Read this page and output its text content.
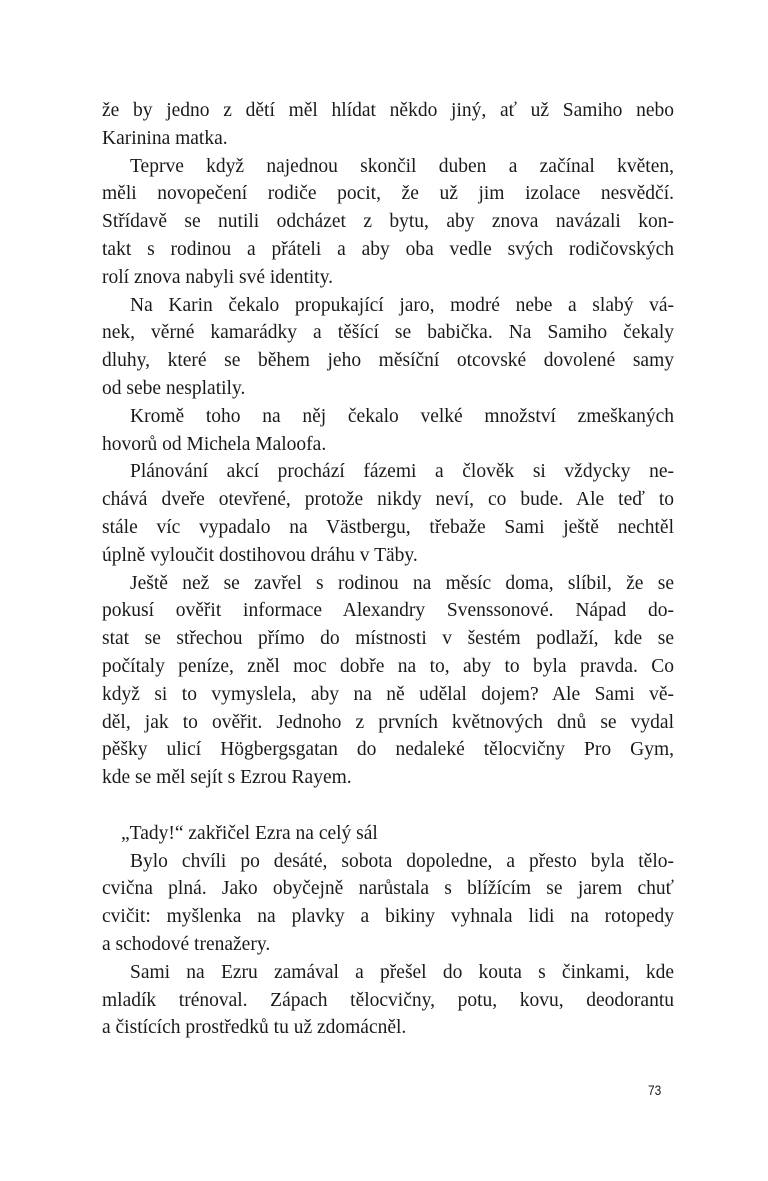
že by jedno z dětí měl hlídat někdo jiný, ať už Samiho nebo
Karinina matka.
Teprve když najednou skončil duben a začínal květen,
měli novopečení rodiče pocit, že už jim izolace nesvědčí.
Střídavě se nutili odcházet z bytu, aby znova navázali kon-
takt s rodinou a přáteli a aby oba vedle svých rodičovských
rolí znova nabyli své identity.
Na Karin čekalo propukající jaro, modré nebe a slabý vá-
nek, věrné kamarádky a těšící se babička. Na Samiho čekaly
dluhy, které se během jeho měsíční otcovské dovolené samy
od sebe nesplatily.
Kromě toho na něj čekalo velké množství zmeškaných
hovorů od Michela Maloofa.
Plánování akcí prochází fázemi a člověk si vždycky ne-
chává dveře otevřené, protože nikdy neví, co bude. Ale teď to
stále víc vypadalo na Västbergu, třebaže Sami ještě nechtěl
úplně vyloučit dostihovou dráhu v Täby.
Ještě než se zavřel s rodinou na měsíc doma, slíbil, že se
pokusí ověřit informace Alexandry Svenssonové. Nápad do-
stat se střechou přímo do místnosti v šestém podlaží, kde se
počítaly peníze, zněl moc dobře na to, aby to byla pravda. Co
když si to vymyslela, aby na ně udělal dojem? Ale Sami vě-
děl, jak to ověřit. Jednoho z prvních květnových dnů se vydal
pěšky ulicí Högbergsgatan do nedaleké tělocvičny Pro Gym,
kde se měl sejít s Ezrou Rayem.
„Tady!“ zakřičel Ezra na celý sál
Bylo chvíli po desáté, sobota dopoledne, a přesto byla tělo-
cvična plná. Jako obyčejně narůstala s blížícím se jarem chuť
cvičit: myšlenka na plavky a bikiny vyhnala lidi na rotopedy
a schodové trenažery.
Sami na Ezru zamával a přešel do kouta s činkami, kde
mladík trénoval. Zápach tělocvičny, potu, kovu, deodorantu
a čistících prostředků tu už zdomácněl.
73
